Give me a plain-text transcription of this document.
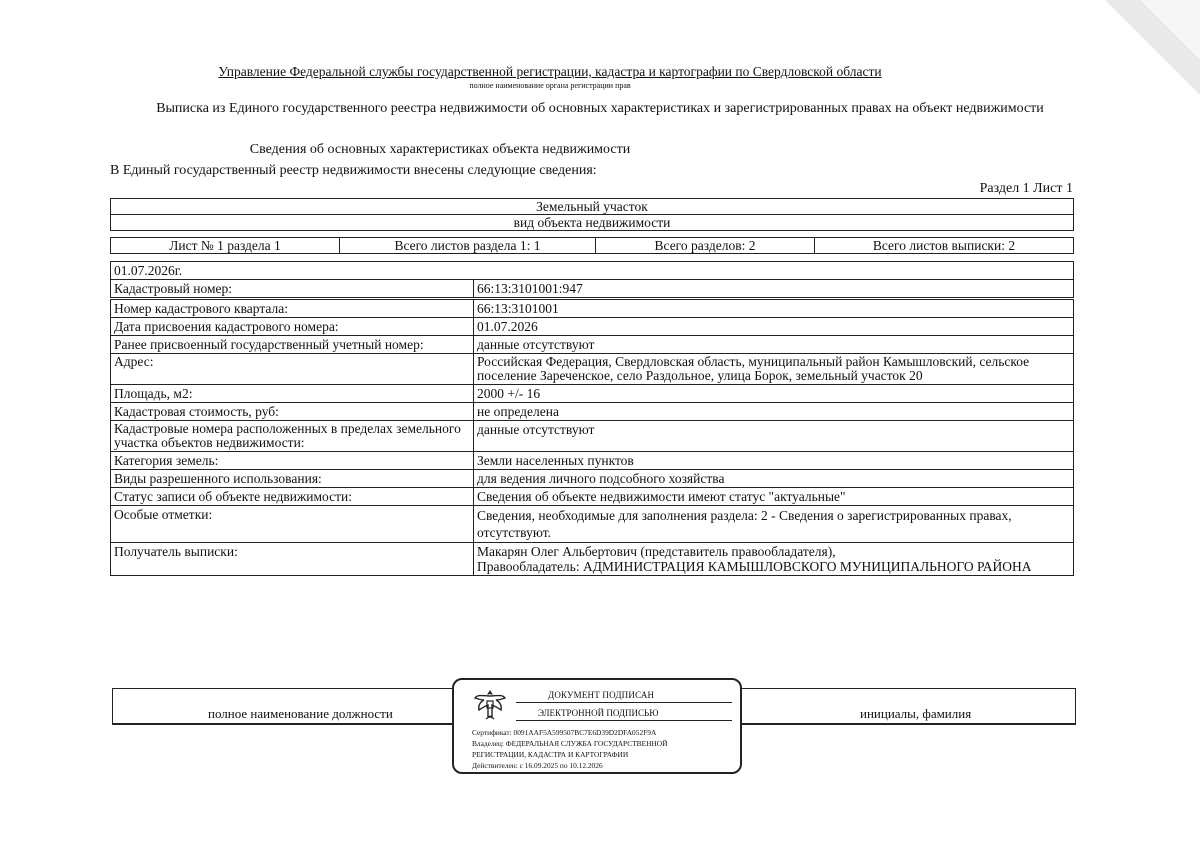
Управление Федеральной службы государственной регистрации, кадастра и картографии по Свердловской области
полное наименование органа регистрации прав
Выписка из Единого государственного реестра недвижимости об основных характеристиках и зарегистрированных правах на объект недвижимости
Сведения об основных характеристиках объекта недвижимости
В Единый государственный реестр недвижимости внесены следующие сведения:
Раздел 1 Лист 1
Земельный участок
вид объекта недвижимости
Лист № 1 раздела 1	Всего листов раздела 1: 1	Всего разделов: 2	Всего листов выписки: 2
01.07.2026г.
Кадастровый номер:	66:13:3101001:947
Номер кадастрового квартала:	66:13:3101001
Дата присвоения кадастрового номера:	01.07.2026
Ранее присвоенный государственный учетный номер:	данные отсутствуют
Адрес:	Российская Федерация, Свердловская область, муниципальный район Камышловский, сельское поселение Зареченское, село Раздольное, улица Борок, земельный участок 20
Площадь, м2:	2000 +/- 16
Кадастровая стоимость, руб:	не определена
Кадастровые номера расположенных в пределах земельного участка объектов недвижимости:	данные отсутствуют
Категория земель:	Земли населенных пунктов
Виды разрешенного использования:	для ведения личного подсобного хозяйства
Статус записи об объекте недвижимости:	Сведения об объекте недвижимости имеют статус "актуальные"
Особые отметки:	Сведения, необходимые для заполнения раздела: 2 - Сведения о зарегистрированных правах, отсутствуют.
Получатель выписки:	Макарян Олег Альбертович (представитель правообладателя),
Правообладатель: АДМИНИСТРАЦИЯ КАМЫШЛОВСКОГО МУНИЦИПАЛЬНОГО РАЙОНА
полное наименование должности	инициалы, фамилия
ДОКУМЕНТ ПОДПИСАН
ЭЛЕКТРОННОЙ ПОДПИСЬЮ
Сертификат: 0091AAF5A599507BC7E6D39D2DFA052F9A
Владелец: ФЕДЕРАЛЬНАЯ СЛУЖБА ГОСУДАРСТВЕННОЙ
РЕГИСТРАЦИИ, КАДАСТРА И КАРТОГРАФИИ
Действителен: с 16.09.2025 по 10.12.2026
